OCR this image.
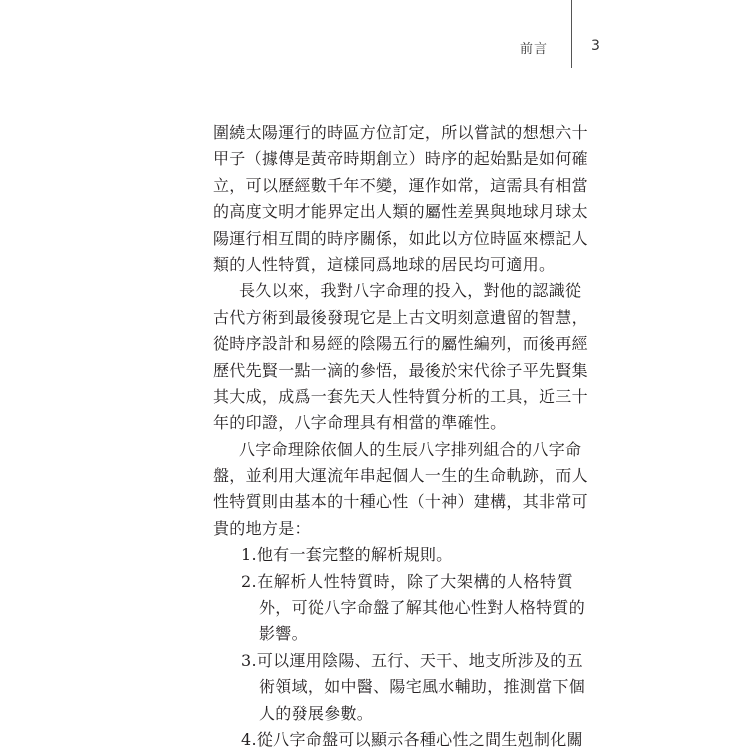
前言	3
圍繞太陽運行的時區方位訂定，所以嘗試的想想六十
甲子（據傳是黃帝時期創立）時序的起始點是如何確
立，可以歷經數千年不變，運作如常，這需具有相當
的高度文明才能界定出人類的屬性差異與地球月球太
陽運行相互間的時序關係，如此以方位時區來標記人
類的人性特質，這樣同爲地球的居民均可適用。
長久以來，我對八字命理的投入，對他的認識從
古代方術到最後發現它是上古文明刻意遺留的智慧，
從時序設計和易經的陰陽五行的屬性編列，而後再經
歷代先賢一點一滴的參悟，最後於宋代徐子平先賢集
其大成，成爲一套先天人性特質分析的工具，近三十
年的印證，八字命理具有相當的準確性。
八字命理除依個人的生辰八字排列組合的八字命
盤，並利用大運流年串起個人一生的生命軌跡，而人
性特質則由基本的十種心性（十神）建構，其非常可
貴的地方是：
1.他有一套完整的解析規則。
2.在解析人性特質時，除了大架構的人格特質
外，可從八字命盤了解其他心性對人格特質的
影響。
3.可以運用陰陽、五行、天干、地支所涉及的五
術領域，如中醫、陽宅風水輔助，推測當下個
人的發展參數。
4.從八字命盤可以顯示各種心性之間生剋制化關
